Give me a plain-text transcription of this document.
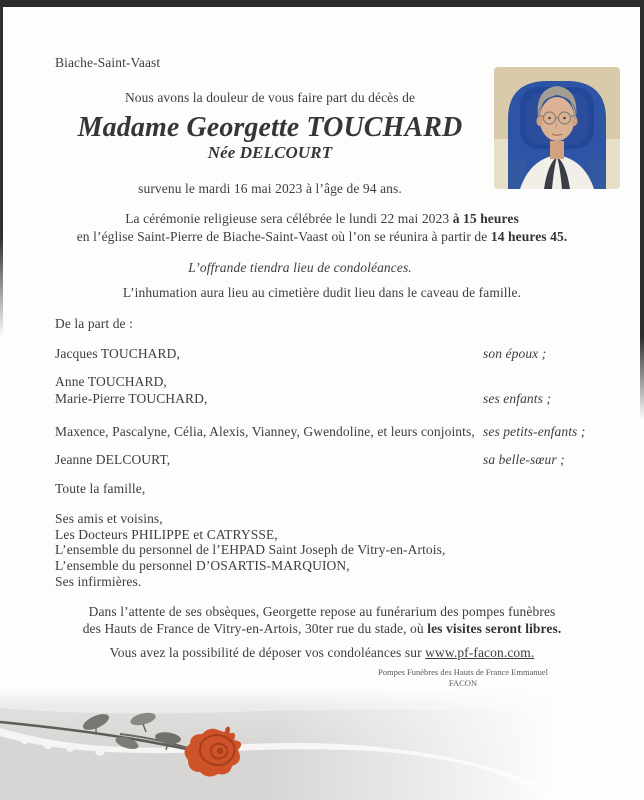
Biache-Saint-Vaast
Nous avons la douleur de vous faire part du décès de
Madame Georgette TOUCHARD
Née DELCOURT
survenu le mardi 16 mai 2023 à l’âge de 94 ans.
La cérémonie religieuse sera célébrée le lundi 22 mai 2023 à 15 heures
en l’église Saint-Pierre de Biache-Saint-Vaast où l’on se réunira à partir de 14 heures 45.
L’offrande tiendra lieu de condoléances.
L’inhumation aura lieu au cimetière dudit lieu dans le caveau de famille.
De la part de :
Jacques TOUCHARD,	son époux ;
Anne TOUCHARD,
Marie-Pierre TOUCHARD,	ses enfants ;
Maxence, Pascalyne, Célia, Alexis, Vianney, Gwendoline, et leurs conjoints, ses petits-enfants ;
Jeanne DELCOURT,	sa belle-sœur ;
Toute la famille,
Ses amis et voisins,
Les Docteurs PHILIPPE et CATRYSSE,
L’ensemble du personnel de l’EHPAD Saint Joseph de Vitry-en-Artois,
L’ensemble du personnel D’OSARTIS-MARQUION,
Ses infirmières.
Dans l’attente de ses obsèques, Georgette repose au funérarium des pompes funèbres
des Hauts de France de Vitry-en-Artois, 30ter rue du stade, où les visites seront libres.
Vous avez la possibilité de déposer vos condoléances sur www.pf-facon.com.
Pompes Funèbres des Hauts de France Emmanuel FACON
